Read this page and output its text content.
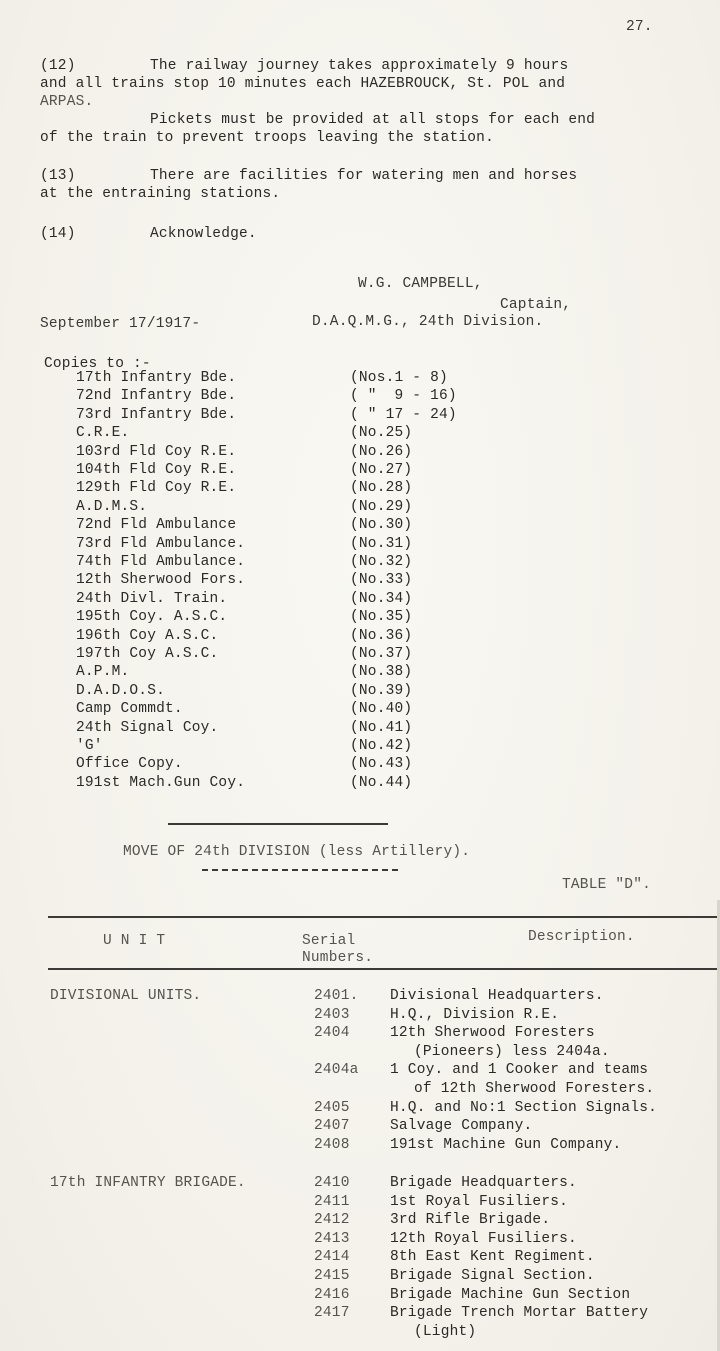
27.
(12)	The railway journey takes approximately 9 hours
and all trains stop 10 minutes each HAZEBROUCK, St. POL and
ARPAS.
Pickets must be provided at all stops for each end
of the train to prevent troops leaving the station.
(13)	There are facilities for watering men and horses
at the entraining stations.
(14)	Acknowledge.
W.G. CAMPBELL,
Captain,
September 17/1917-	D.A.Q.M.G., 24th Division.
Copies to :-
17th Infantry Bde.	(Nos.1 - 8)
72nd Infantry Bde.	( "  9 - 16)
73rd Infantry Bde.	( " 17 - 24)
C.R.E.	(No.25)
103rd Fld Coy R.E.	(No.26)
104th Fld Coy R.E.	(No.27)
129th Fld Coy R.E.	(No.28)
A.D.M.S.	(No.29)
72nd Fld Ambulance	(No.30)
73rd Fld Ambulance.	(No.31)
74th Fld Ambulance.	(No.32)
12th Sherwood Fors.	(No.33)
24th Divl. Train.	(No.34)
195th Coy. A.S.C.	(No.35)
196th Coy A.S.C.	(No.36)
197th Coy A.S.C.	(No.37)
A.P.M.	(No.38)
D.A.D.O.S.	(No.39)
Camp Commdt.	(No.40)
24th Signal Coy.	(No.41)
'G'	(No.42)
Office Copy.	(No.43)
191st Mach.Gun Coy.	(No.44)
MOVE OF 24th DIVISION (less Artillery).
TABLE "D".
U N I T	Serial
Numbers.
Description.
DIVISIONAL UNITS.	2401. Divisional Headquarters.
2403	H.Q., Division R.E.
2404	12th Sherwood Foresters
(Pioneers) less 2404a.
2404a 1 Coy. and 1 Cooker and teams
of 12th Sherwood Foresters.
2405	H.Q. and No:1 Section Signals.
2407	Salvage Company.
2408	191st Machine Gun Company.
17th INFANTRY BRIGADE.	2410	Brigade Headquarters.
2411	1st Royal Fusiliers.
2412	3rd Rifle Brigade.
2413	12th Royal Fusiliers.
2414	8th East Kent Regiment.
2415	Brigade Signal Section.
2416	Brigade Machine Gun Section
2417	Brigade Trench Mortar Battery
(Light)
